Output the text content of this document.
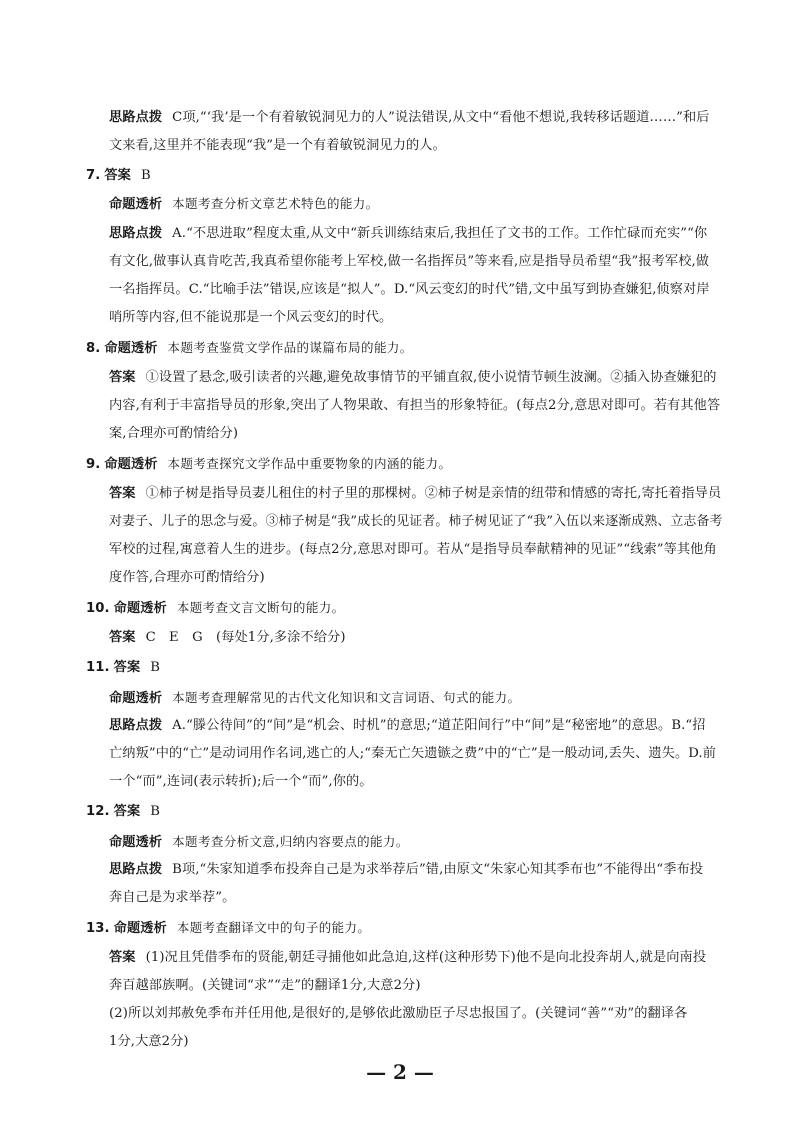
思路点拨 C项,“‘我’是一个有着敏锐洞见力的人”说法错误,从文中“看他不想说,我转移话题道……”和后
文来看,这里并不能表现“我”是一个有着敏锐洞见力的人。
7. 答案 B
命题透析 本题考查分析文章艺术特色的能力。
思路点拨 A.“不思进取”程度太重,从文中“新兵训练结束后,我担任了文书的工作。工作忙碌而充实”“你
有文化,做事认真肯吃苦,我真希望你能考上军校,做一名指挥员”等来看,应是指导员希望“我”报考军校,做
一名指挥员。C.“比喻手法”错误,应该是“拟人”。D.“风云变幻的时代”错,文中虽写到协查嫌犯,侦察对岸
哨所等内容,但不能说那是一个风云变幻的时代。
8. 命题透析 本题考查鉴赏文学作品的谋篇布局的能力。
答案 ①设置了悬念,吸引读者的兴趣,避免故事情节的平铺直叙,使小说情节顿生波澜。②插入协查嫌犯的
内容,有利于丰富指导员的形象,突出了人物果敢、有担当的形象特征。(每点2分,意思对即可。若有其他答
案,合理亦可酌情给分)
9. 命题透析 本题考查探究文学作品中重要物象的内涵的能力。
答案 ①柿子树是指导员妻儿租住的村子里的那棵树。②柿子树是亲情的纽带和情感的寄托,寄托着指导员
对妻子、儿子的思念与爱。③柿子树是“我”成长的见证者。柿子树见证了“我”入伍以来逐渐成熟、立志备考
军校的过程,寓意着人生的进步。(每点2分,意思对即可。若从“是指导员奉献精神的见证”“线索”等其他角
度作答,合理亦可酌情给分)
10. 命题透析 本题考查文言文断句的能力。
答案 C　E　G　(每处1分,多涂不给分)
11. 答案 B
命题透析 本题考查理解常见的古代文化知识和文言词语、句式的能力。
思路点拨 A.“滕公待间”的“间”是“机会、时机”的意思;“道芷阳间行”中“间”是“秘密地”的意思。B.“招
亡纳叛”中的“亡”是动词用作名词,逃亡的人;“秦无亡矢遗镞之费”中的“亡”是一般动词,丢失、遗失。D.前
一个“而”,连词(表示转折);后一个“而”,你的。
12. 答案 B
命题透析 本题考查分析文意,归纳内容要点的能力。
思路点拨 B项,“朱家知道季布投奔自己是为求举荐后”错,由原文“朱家心知其季布也”不能得出“季布投
奔自己是为求举荐”。
13. 命题透析 本题考查翻译文中的句子的能力。
答案 (1)况且凭借季布的贤能,朝廷寻捕他如此急迫,这样(这种形势下)他不是向北投奔胡人,就是向南投
奔百越部族啊。(关键词“求”“走”的翻译1分,大意2分)
(2)所以刘邦赦免季布并任用他,是很好的,是够依此激励臣子尽忠报国了。(关键词“善”“劝”的翻译各
1分,大意2分)
— 2 —
